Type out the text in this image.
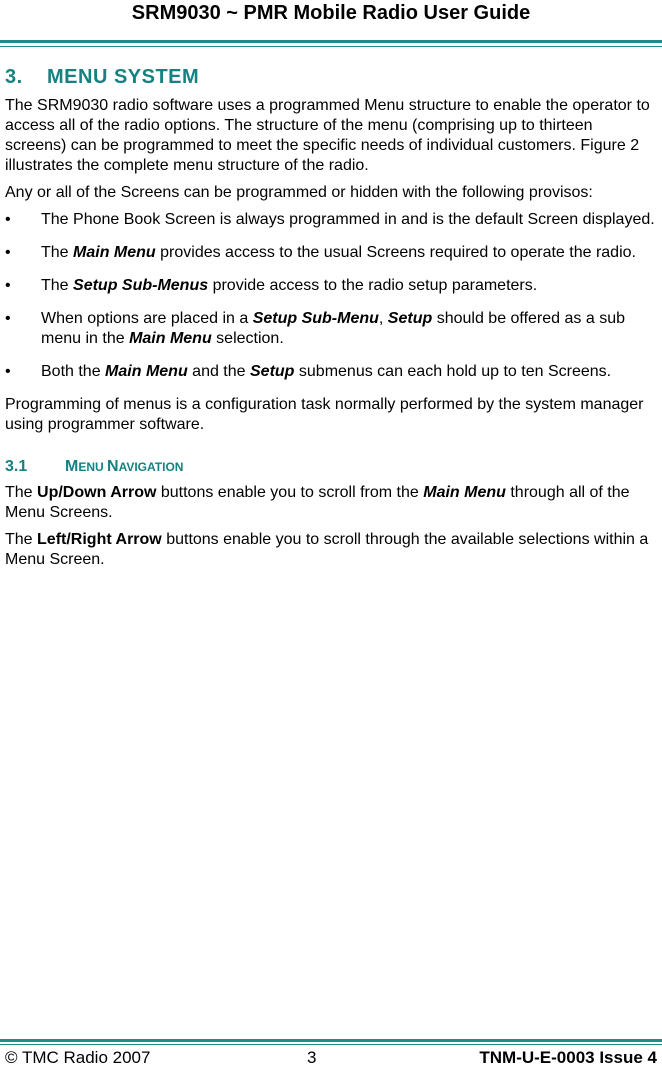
SRM9030 ~ PMR Mobile Radio User Guide
3. MENU SYSTEM

The SRM9030 radio software uses a programmed Menu structure to enable the operator to access all of the radio options. The structure of the menu (comprising up to thirteen screens) can be programmed to meet the specific needs of individual customers. Figure 2 illustrates the complete menu structure of the radio.

Any or all of the Screens can be programmed or hidden with the following provisos:

• The Phone Book Screen is always programmed in and is the default Screen displayed.
• The Main Menu provides access to the usual Screens required to operate the radio.
• The Setup Sub-Menus provide access to the radio setup parameters.
• When options are placed in a Setup Sub-Menu, Setup should be offered as a sub menu in the Main Menu selection.
• Both the Main Menu and the Setup submenus can each hold up to ten Screens.

Programming of menus is a configuration task normally performed by the system manager using programmer software.

3.1 MENU NAVIGATION

The Up/Down Arrow buttons enable you to scroll from the Main Menu through all of the Menu Screens.

The Left/Right Arrow buttons enable you to scroll through the available selections within a Menu Screen.

© TMC Radio 2007	3	TNM-U-E-0003 Issue 4
